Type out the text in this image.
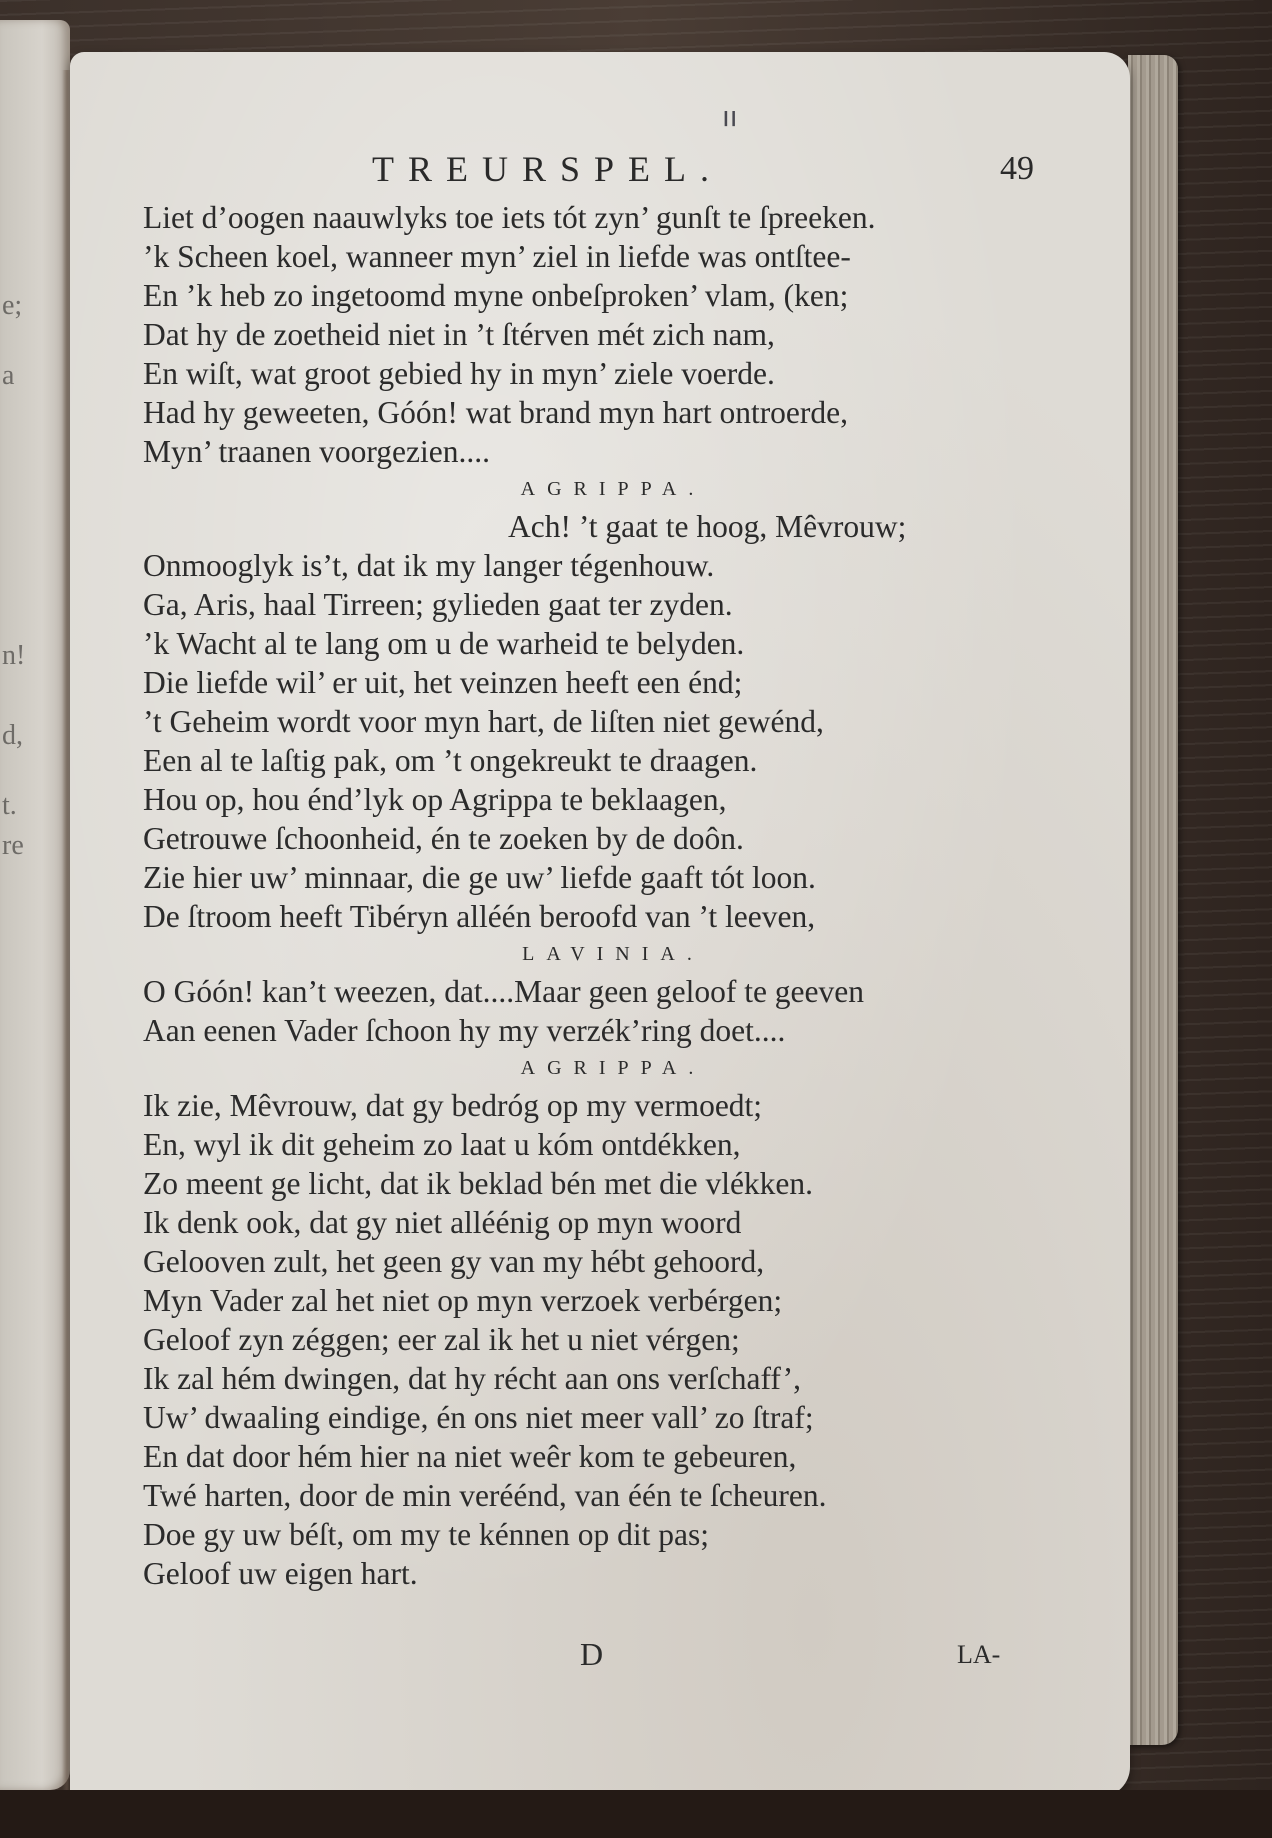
e;
a
n!
d,
t.
re
ıı
TREURSPEL.	49
Liet d’oogen naauwlyks toe iets tót zyn’ gunſt te ſpreeken.
’k Scheen koel, wanneer myn’ ziel in liefde was ontſtee-
En ’k heb zo ingetoomd myne onbeſproken’ vlam, (ken;
Dat hy de zoetheid niet in ’t ſtérven mét zich nam,
En wiſt, wat groot gebied hy in myn’ ziele voerde.
Had hy geweeten, Góón! wat brand myn hart ontroerde,
Myn’ traanen voorgezien....
AGRIPPA.
Ach! ’t gaat te hoog, Mêvrouw;
Onmooglyk is’t, dat ik my langer tégenhouw.
Ga, Aris, haal Tirreen; gylieden gaat ter zyden.
’k Wacht al te lang om u de warheid te belyden.
Die liefde wil’ er uit, het veinzen heeft een énd;
’t Geheim wordt voor myn hart, de liſten niet gewénd,
Een al te laſtig pak, om ’t ongekreukt te draagen.
Hou op, hou énd’lyk op Agrippa te beklaagen,
Getrouwe ſchoonheid, én te zoeken by de doôn.
Zie hier uw’ minnaar, die ge uw’ liefde gaaft tót loon.
De ſtroom heeft Tibéryn alléén beroofd van ’t leeven,
LAVINIA.
O Góón! kan’t weezen, dat....Maar geen geloof te geeven
Aan eenen Vader ſchoon hy my verzék’ring doet....
AGRIPPA.
Ik zie, Mêvrouw, dat gy bedróg op my vermoedt;
En, wyl ik dit geheim zo laat u kóm ontdékken,
Zo meent ge licht, dat ik beklad bén met die vlékken.
Ik denk ook, dat gy niet alléénig op myn woord
Gelooven zult, het geen gy van my hébt gehoord,
Myn Vader zal het niet op myn verzoek verbérgen;
Geloof zyn zéggen; eer zal ik het u niet vérgen;
Ik zal hém dwingen, dat hy récht aan ons verſchaff’,
Uw’ dwaaling eindige, én ons niet meer vall’ zo ſtraf;
En dat door hém hier na niet weêr kom te gebeuren,
Twé harten, door de min veréénd, van één te ſcheuren.
Doe gy uw béſt, om my te kénnen op dit pas;
Geloof uw eigen hart.
D	LA-
